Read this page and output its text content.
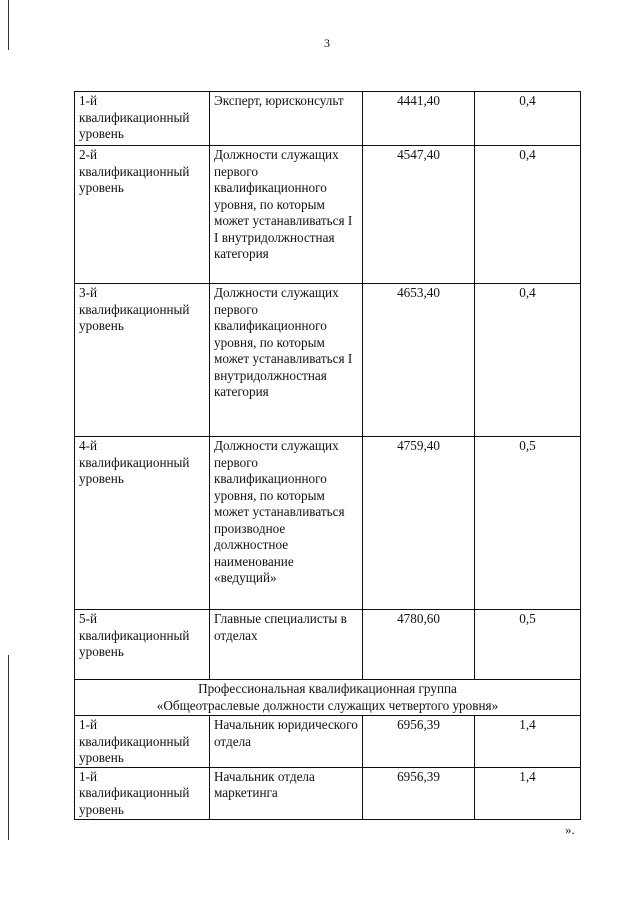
3
1-й квалификационный уровень	Эксперт, юрисконсульт	4441,40	0,4
2-й квалификационный уровень	Должности служащих первого квалификационного уровня, по которым может устанавливаться I I внутридолжностная категория	4547,40	0,4
3-й квалификационный уровень	Должности служащих первого квалификационного уровня, по которым может устанавливаться I внутридолжностная категория	4653,40	0,4
4-й квалификационный уровень	Должности служащих первого квалификационного уровня, по которым может устанавливаться производное должностное наименование «ведущий»	4759,40	0,5
5-й квалификационный уровень	Главные специалисты в отделах	4780,60	0,5

Профессиональная квалификационная группа
«Общеотраслевые должности служащих четвертого уровня»			

1-й квалификационный уровень	Начальник юридического отдела	6956,39	1,4
1-й квалификационный уровень	Начальник отдела маркетинга	6956,39	1,4
».
